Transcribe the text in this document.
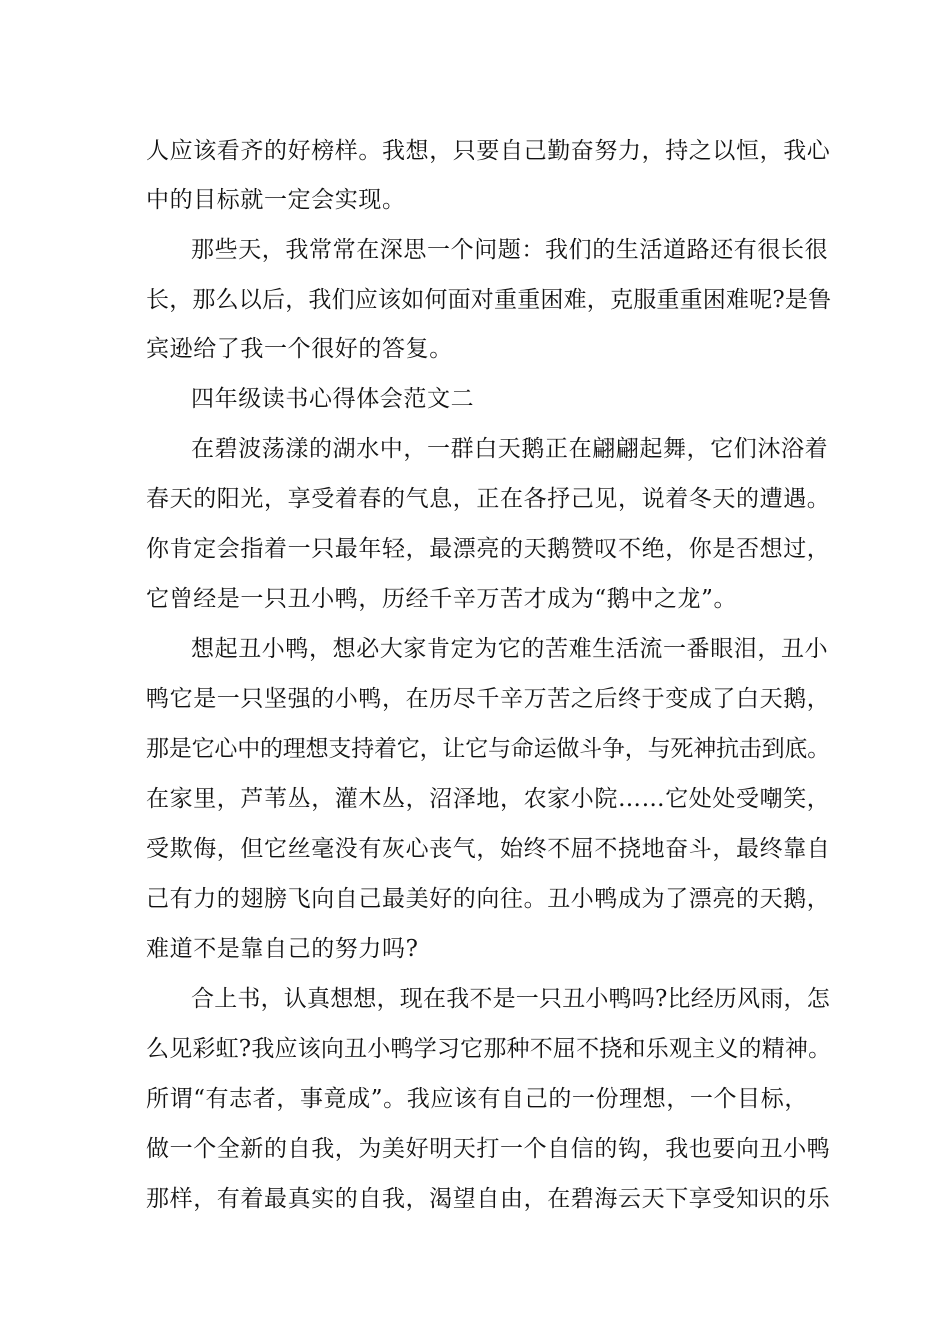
人应该看齐的好榜样。我想，只要自己勤奋努力，持之以恒，我心
中的目标就一定会实现。
那些天，我常常在深思一个问题：我们的生活道路还有很长很
长，那么以后，我们应该如何面对重重困难，克服重重困难呢?是鲁
宾逊给了我一个很好的答复。
四年级读书心得体会范文二
在碧波荡漾的湖水中，一群白天鹅正在翩翩起舞，它们沐浴着
春天的阳光，享受着春的气息，正在各抒己见，说着冬天的遭遇。
你肯定会指着一只最年轻，最漂亮的天鹅赞叹不绝，你是否想过，
它曾经是一只丑小鸭，历经千辛万苦才成为“鹅中之龙”。
想起丑小鸭，想必大家肯定为它的苦难生活流一番眼泪，丑小
鸭它是一只坚强的小鸭，在历尽千辛万苦之后终于变成了白天鹅，
那是它心中的理想支持着它，让它与命运做斗争，与死神抗击到底。
在家里，芦苇丛，灌木丛，沼泽地，农家小院……它处处受嘲笑，
受欺侮，但它丝毫没有灰心丧气，始终不屈不挠地奋斗，最终靠自
己有力的翅膀飞向自己最美好的向往。丑小鸭成为了漂亮的天鹅，
难道不是靠自己的努力吗?
合上书，认真想想，现在我不是一只丑小鸭吗?比经历风雨，怎
么见彩虹?我应该向丑小鸭学习它那种不屈不挠和乐观主义的精神。
所谓“有志者，事竟成”。我应该有自己的一份理想，一个目标，
做一个全新的自我，为美好明天打一个自信的钩，我也要向丑小鸭
那样，有着最真实的自我，渴望自由，在碧海云天下享受知识的乐
